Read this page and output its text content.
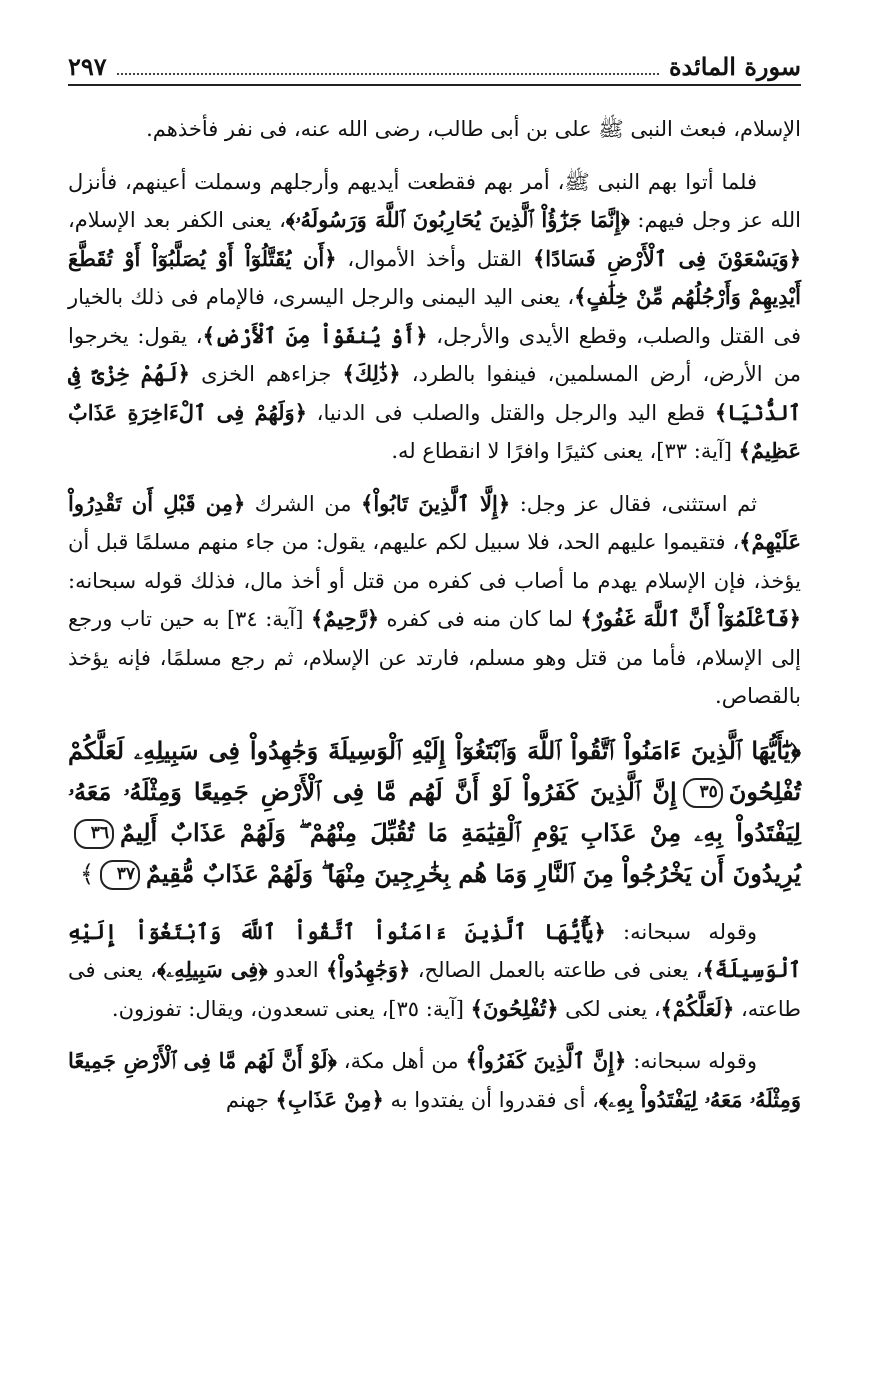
سورة المائدة
٢٩٧

الإسلام، فبعث النبى ﷺ على بن أبى طالب، رضى الله عنه، فى نفر فأخذهم.

فلما أتوا بهم النبى ﷺ، أمر بهم فقطعت أيديهم وأرجلهم وسملت أعينهم، فأنزل الله عز وجل فيهم: ﴿إِنَّمَا جَزَٰٓؤُاْ ٱلَّذِينَ يُحَارِبُونَ ٱللَّهَ وَرَسُولَهُۥ﴾، يعنى الكفر بعد الإسلام، ﴿وَيَسْعَوْنَ فِى ٱلْأَرْضِ فَسَادًا﴾ القتل وأخذ الأموال، ﴿أَن يُقَتَّلُوٓاْ أَوْ يُصَلَّبُوٓاْ أَوْ تُقَطَّعَ أَيْدِيهِمْ وَأَرْجُلُهُم مِّنْ خِلَٰفٍ﴾، يعنى اليد اليمنى والرجل اليسرى، فالإمام فى ذلك بالخيار فى القتل والصلب، وقطع الأيدى والأرجل، ﴿أَوْ يُنفَوْاْ مِنَ ٱلْأَرْضِ﴾، يقول: يخرجوا من الأرض، أرض المسلمين، فينفوا بالطرد، ﴿ذَٰلِكَ﴾ جزاءهم الخزى ﴿لَهُمْ خِزْىٌ فِى ٱلدُّنْيَا﴾ قطع اليد والرجل والقتل والصلب فى الدنيا، ﴿وَلَهُمْ فِى ٱلْءَاخِرَةِ عَذَابٌ عَظِيمٌ﴾ [آية: ٣٣]، يعنى كثيرًا وافرًا لا انقطاع له.

ثم استثنى، فقال عز وجل: ﴿إِلَّا ٱلَّذِينَ تَابُواْ﴾ من الشرك ﴿مِن قَبْلِ أَن تَقْدِرُواْ عَلَيْهِمْ﴾، فتقيموا عليهم الحد، فلا سبيل لكم عليهم، يقول: من جاء منهم مسلمًا قبل أن يؤخذ، فإن الإسلام يهدم ما أصاب فى كفره من قتل أو أخذ مال، فذلك قوله سبحانه: ﴿فَٱعْلَمُوٓاْ أَنَّ ٱللَّهَ غَفُورٌ﴾ لما كان منه فى كفره ﴿رَّحِيمٌ﴾ [آية: ٣٤] به حين تاب ورجع إلى الإسلام، فأما من قتل وهو مسلم، فارتد عن الإسلام، ثم رجع مسلمًا، فإنه يؤخذ بالقصاص.

﴿يَٰٓأَيُّهَا ٱلَّذِينَ ءَامَنُواْ ٱتَّقُواْ ٱللَّهَ وَٱبْتَغُوٓاْ إِلَيْهِ ٱلْوَسِيلَةَ وَجَٰهِدُواْ فِى سَبِيلِهِۦ لَعَلَّكُمْ تُفْلِحُونَ٣٥إِنَّ ٱلَّذِينَ كَفَرُواْ لَوْ أَنَّ لَهُم مَّا فِى ٱلْأَرْضِ جَمِيعًا وَمِثْلَهُۥ مَعَهُۥ لِيَفْتَدُواْ بِهِۦ مِنْ عَذَابِ يَوْمِ ٱلْقِيَٰمَةِ مَا تُقُبِّلَ مِنْهُمْ ۖ وَلَهُمْ عَذَابٌ أَلِيمٌ٣٦يُرِيدُونَ أَن يَخْرُجُواْ مِنَ ٱلنَّارِ وَمَا هُم بِخَٰرِجِينَ مِنْهَا ۖ وَلَهُمْ عَذَابٌ مُّقِيمٌ٣٧﴾

وقوله سبحانه: ﴿يَٰٓأَيُّهَا ٱلَّذِينَ ءَامَنُواْ ٱتَّقُواْ ٱللَّهَ وَٱبْتَغُوٓاْ إِلَيْهِ ٱلْوَسِيلَةَ﴾، يعنى فى طاعته بالعمل الصالح، ﴿وَجَٰهِدُواْ﴾ العدو ﴿فِى سَبِيلِهِۦ﴾، يعنى فى طاعته، ﴿لَعَلَّكُمْ﴾، يعنى لكى ﴿تُفْلِحُونَ﴾ [آية: ٣٥]، يعنى تسعدون، ويقال: تفوزون.

وقوله سبحانه: ﴿إِنَّ ٱلَّذِينَ كَفَرُواْ﴾ من أهل مكة، ﴿لَوْ أَنَّ لَهُم مَّا فِى ٱلْأَرْضِ جَمِيعًا وَمِثْلَهُۥ مَعَهُۥ لِيَفْتَدُواْ بِهِۦ﴾، أى فقدروا أن يفتدوا به ﴿مِنْ عَذَابِ﴾ جهنم
